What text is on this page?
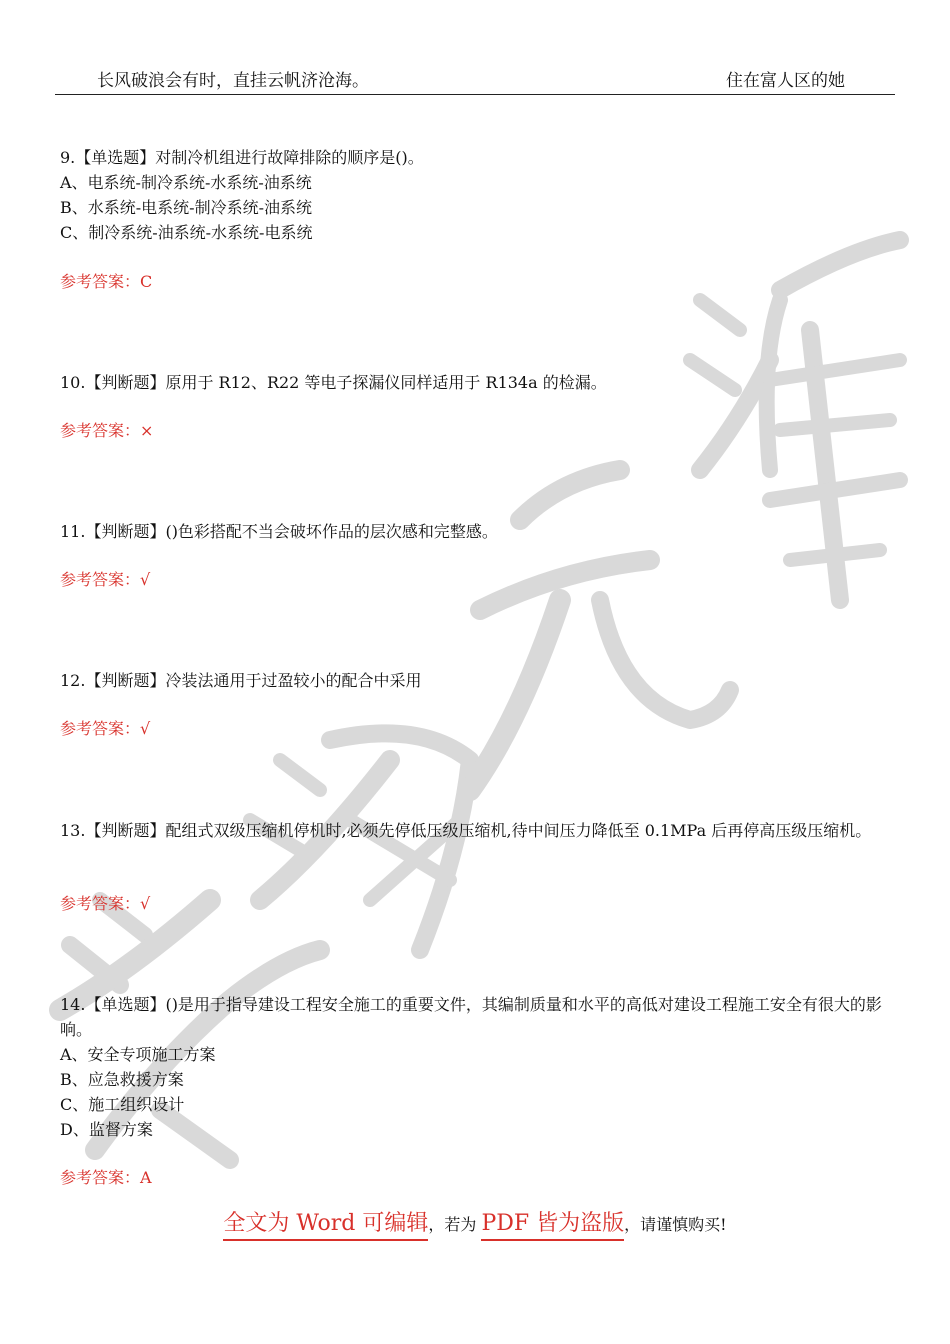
长风破浪会有时，直挂云帆济沧海。	住在富人区的她
9.【单选题】对制冷机组进行故障排除的顺序是()。
A、电系统-制冷系统-水系统-油系统
B、水系统-电系统-制冷系统-油系统
C、制冷系统-油系统-水系统-电系统
参考答案：C
10.【判断题】原用于 R12、R22 等电子探漏仪同样适用于 R134a 的检漏。
参考答案：×
11.【判断题】()色彩搭配不当会破坏作品的层次感和完整感。
参考答案：√
12.【判断题】冷装法通用于过盈较小的配合中采用
参考答案：√
13.【判断题】配组式双级压缩机停机时,必须先停低压级压缩机,待中间压力降低至 0.1MPa 后再停高压级压缩机。
参考答案：√
14.【单选题】()是用于指导建设工程安全施工的重要文件，其编制质量和水平的高低对建设工程施工安全有很大的影响。
A、安全专项施工方案
B、应急救援方案
C、施工组织设计
D、监督方案
参考答案：A
全文为 Word 可编辑，若为 PDF 皆为盗版，请谨慎购买!
